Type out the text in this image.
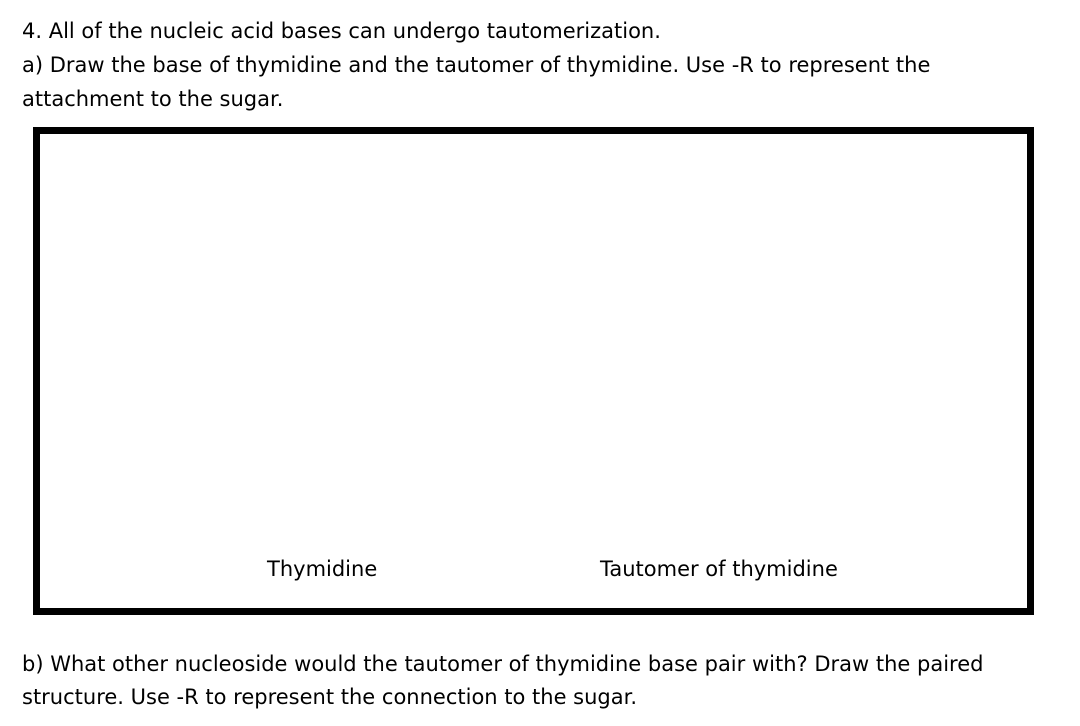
4. All of the nucleic acid bases can undergo tautomerization.
a) Draw the base of thymidine and the tautomer of thymidine. Use -R to represent the
attachment to the sugar.
Thymidine	Tautomer of thymidine
b) What other nucleoside would the tautomer of thymidine base pair with? Draw the paired
structure. Use -R to represent the connection to the sugar.
